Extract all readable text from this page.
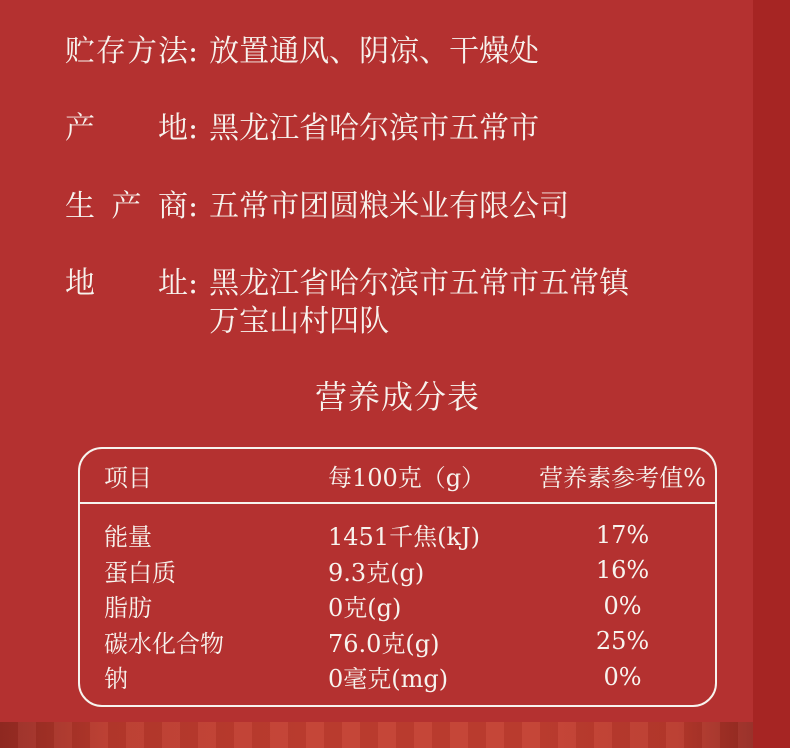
贮存方法 : 放置通风、阴凉、干燥处
产地 : 黑龙江省哈尔滨市五常市
生产商 : 五常市团圆粮米业有限公司
地址 : 黑龙江省哈尔滨市五常市五常镇万宝山村四队
营养成分表
项目	每100克（g）	营养素参考值%
能量	1451千焦(kJ)	17%
蛋白质	9.3克(g)	16%
脂肪	0克(g)	0%
碳水化合物	76.0克(g)	25%
钠	0毫克(mg)	0%
